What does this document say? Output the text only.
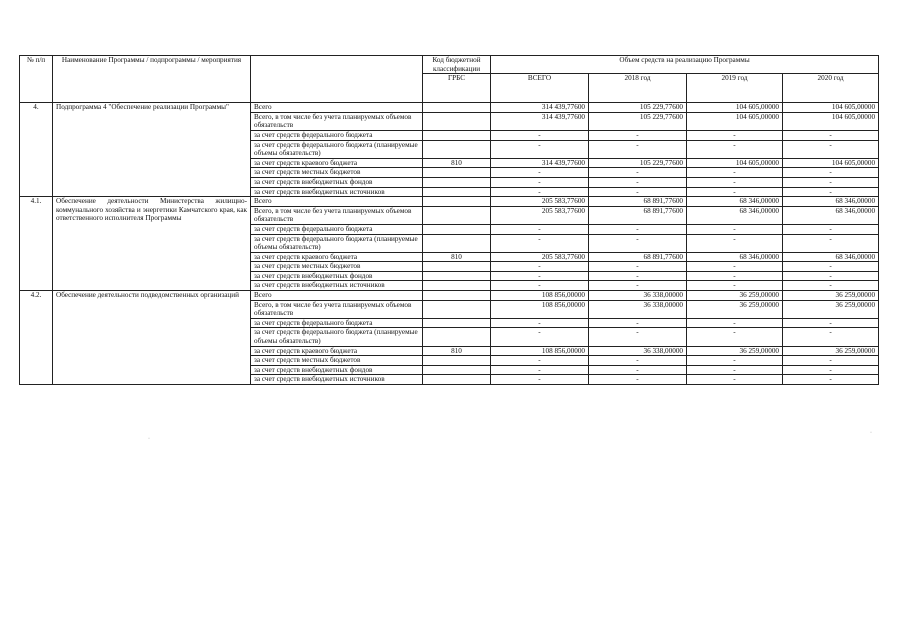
№ п/п	Наименование Программы / подпрограммы / мероприятия		Код бюджетной классификации	Объем средств на реализацию Программы			
			ГРБС	ВСЕГО	2018 год	2019 год	2020 год
4.	Подпрограмма 4 "Обеспечение реализации Программы"	Всего		314 439,77600	105 229,77600	104 605,00000	104 605,00000
		Всего, в том числе без учета планируемых объемов обязательств		314 439,77600	105 229,77600	104 605,00000	104 605,00000
		за счет средств федерального бюджета		-	-	-	-
		за счет средств федерального бюджета (планируемые объемы обязательств)		-	-	-	-
		за счет средств краевого бюджета	810	314 439,77600	105 229,77600	104 605,00000	104 605,00000
		за счет средств местных бюджетов		-	-	-	-
		за счет средств внебюджетных фондов		-	-	-	-
		за счет средств внебюджетных источников		-	-	-	-
4.1.	Обеспечение деятельности Министерства жилищно-коммунального хозяйства и энергетики Камчатского края, как ответственного исполнителя Программы	Всего		205 583,77600	68 891,77600	68 346,00000	68 346,00000
		Всего, в том числе без учета планируемых объемов обязательств		205 583,77600	68 891,77600	68 346,00000	68 346,00000
		за счет средств федерального бюджета		-	-	-	-
		за счет средств федерального бюджета (планируемые объемы обязательств)		-	-	-	-
		за счет средств краевого бюджета	810	205 583,77600	68 891,77600	68 346,00000	68 346,00000
		за счет средств местных бюджетов		-	-	-	-
		за счет средств внебюджетных фондов		-	-	-	-
		за счет средств внебюджетных источников		-	-	-	-
4.2.	Обеспечение деятельности подведомственных организаций	Всего		108 856,00000	36 338,00000	36 259,00000	36 259,00000
		Всего, в том числе без учета планируемых объемов обязательств		108 856,00000	36 338,00000	36 259,00000	36 259,00000
		за счет средств федерального бюджета		-	-	-	-
		за счет средств федерального бюджета (планируемые объемы обязательств)		-	-	-	-
		за счет средств краевого бюджета	810	108 856,00000	36 338,00000	36 259,00000	36 259,00000
		за счет средств местных бюджетов		-	-	-	-
		за счет средств внебюджетных фондов		-	-	-	-
		за счет средств внебюджетных источников		-	-	-	-
·
·
